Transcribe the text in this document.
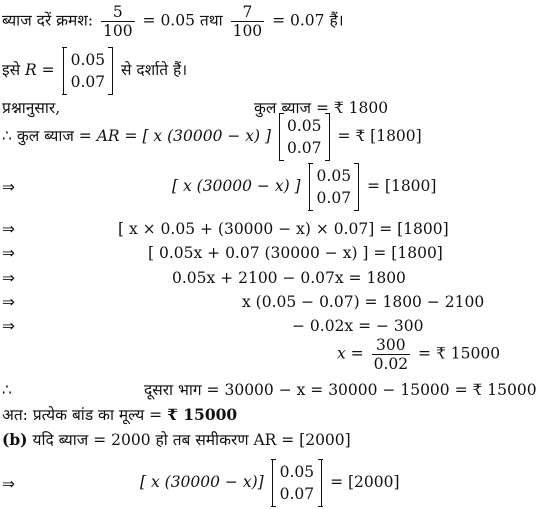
ब्याज दरें क्रमश: $\frac{5}{100} = 0.05$ तथा $\frac{7}{100} = 0.07$ हैं।
इसे R =
0.05
0.07
से दर्शाते हैं।
प्रश्नानुसार,	कुल ब्याज = ₹ 1800
∴ कुल ब्याज = AR = [ x (30000 − x) ]
0.05
0.07
= ₹ [1800]
⇒	[ x (30000 − x) ]
0.05
0.07
= [1800]
⇒	[ x × 0.05 + (30000 − x) × 0.07] = [1800]
⇒	[ 0.05x + 0.07 (30000 − x) ] = [1800]
⇒	0.05x + 2100 − 0.07x = 1800
⇒	x (0.05 − 0.07) = 1800 − 2100
⇒	− 0.02x = − 300
$x = \frac{300}{0.02}$ = ₹ 15000
∴	दूसरा भाग = 30000 − x = 30000 − 15000 = ₹ 15000
अत: प्रत्येक बांड का मूल्य = ₹ 15000
(b) यदि ब्याज = 2000 हो तब समीकरण AR = [2000]
⇒	[ x (30000 − x)]
0.05
0.07
= [2000]
